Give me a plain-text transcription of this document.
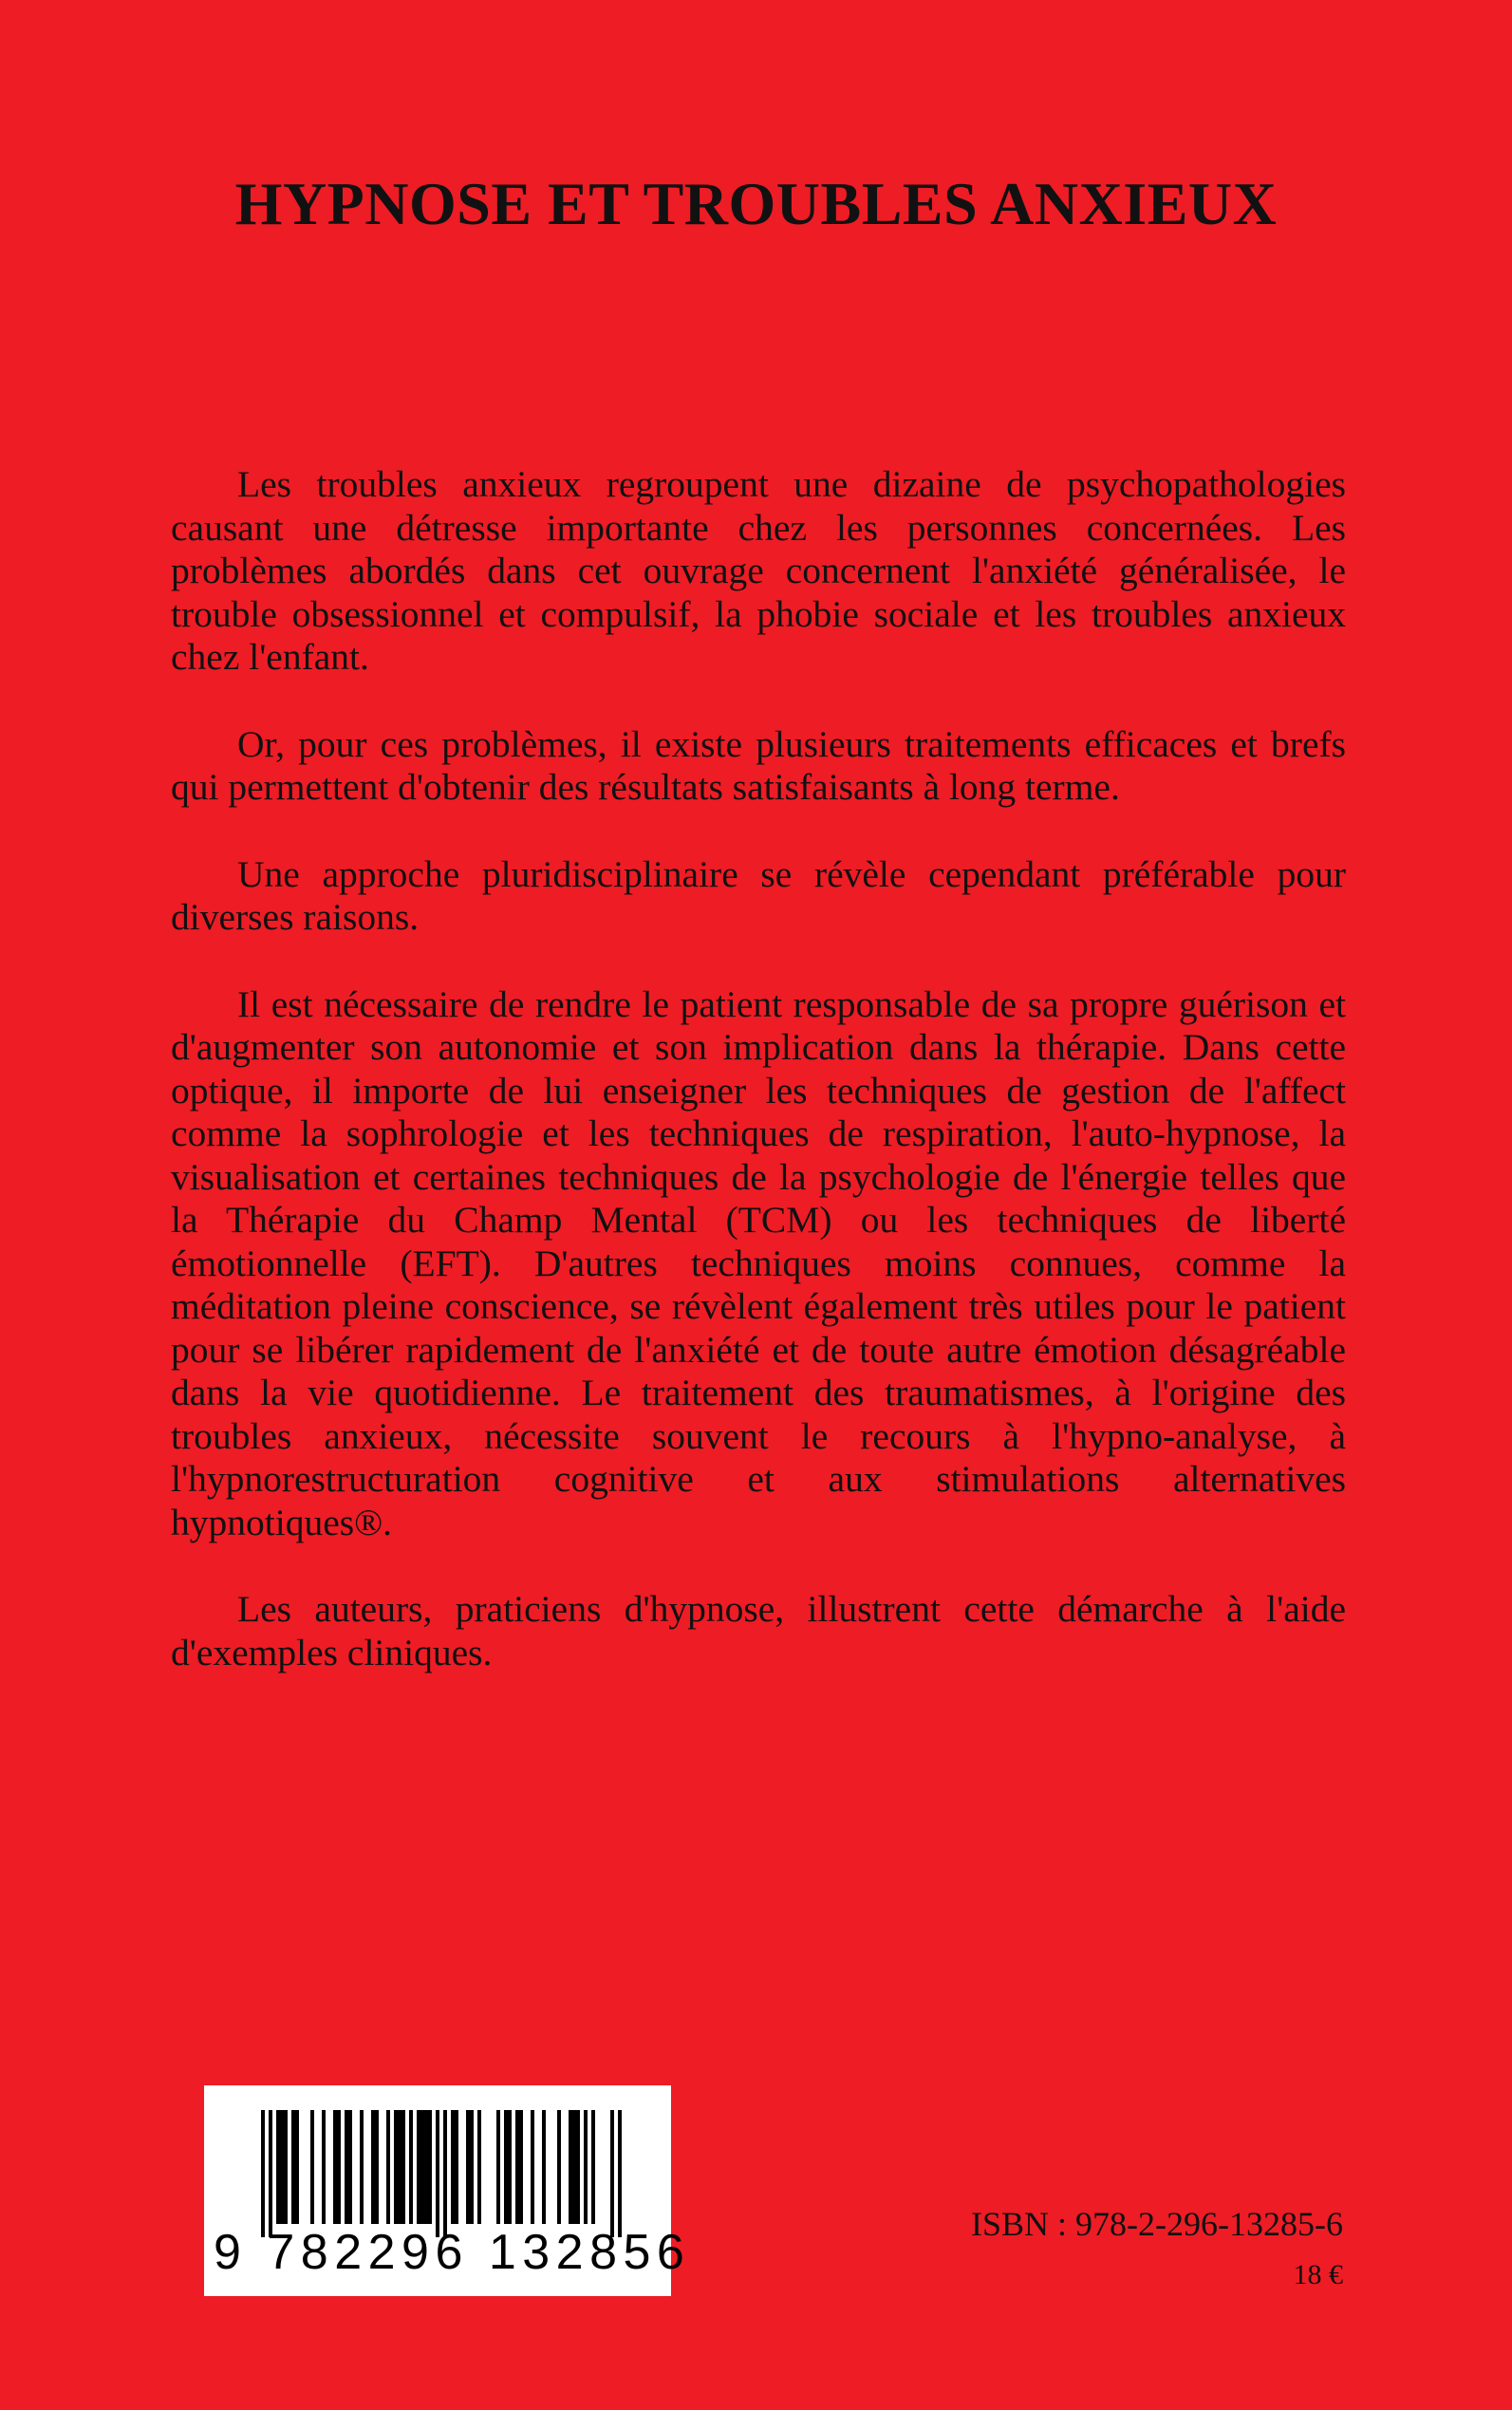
HYPNOSE ET TROUBLES ANXIEUX

Les troubles anxieux regroupent une dizaine de psychopathologies causant une détresse importante chez les personnes concernées. Les problèmes abordés dans cet ouvrage concernent l'anxiété généralisée, le trouble obsessionnel et compulsif, la phobie sociale et les troubles anxieux chez l'enfant.

Or, pour ces problèmes, il existe plusieurs traitements efficaces et brefs qui permettent d'obtenir des résultats satisfaisants à long terme.

Une approche pluridisciplinaire se révèle cependant préférable pour diverses raisons.

Il est nécessaire de rendre le patient responsable de sa propre guérison et d'augmenter son autonomie et son implication dans la thérapie. Dans cette optique, il importe de lui enseigner les techniques de gestion de l'affect comme la sophrologie et les techniques de respiration, l'auto-hypnose, la visualisation et certaines techniques de la psychologie de l'énergie telles que la Thérapie du Champ Mental (TCM) ou les techniques de liberté émotionnelle (EFT). D'autres techniques moins connues, comme la méditation pleine conscience, se révèlent également très utiles pour le patient pour se libérer rapidement de l'anxiété et de toute autre émotion désagréable dans la vie quotidienne. Le traitement des traumatismes, à l'origine des troubles anxieux, nécessite souvent le recours à l'hypno-analyse, à l'hypnorestructuration cognitive et aux stimulations alternatives hypnotiques®.

Les auteurs, praticiens d'hypnose, illustrent cette démarche à l'aide d'exemples cliniques.

9 782296 132856
ISBN : 978-2-296-13285-6
18 €
